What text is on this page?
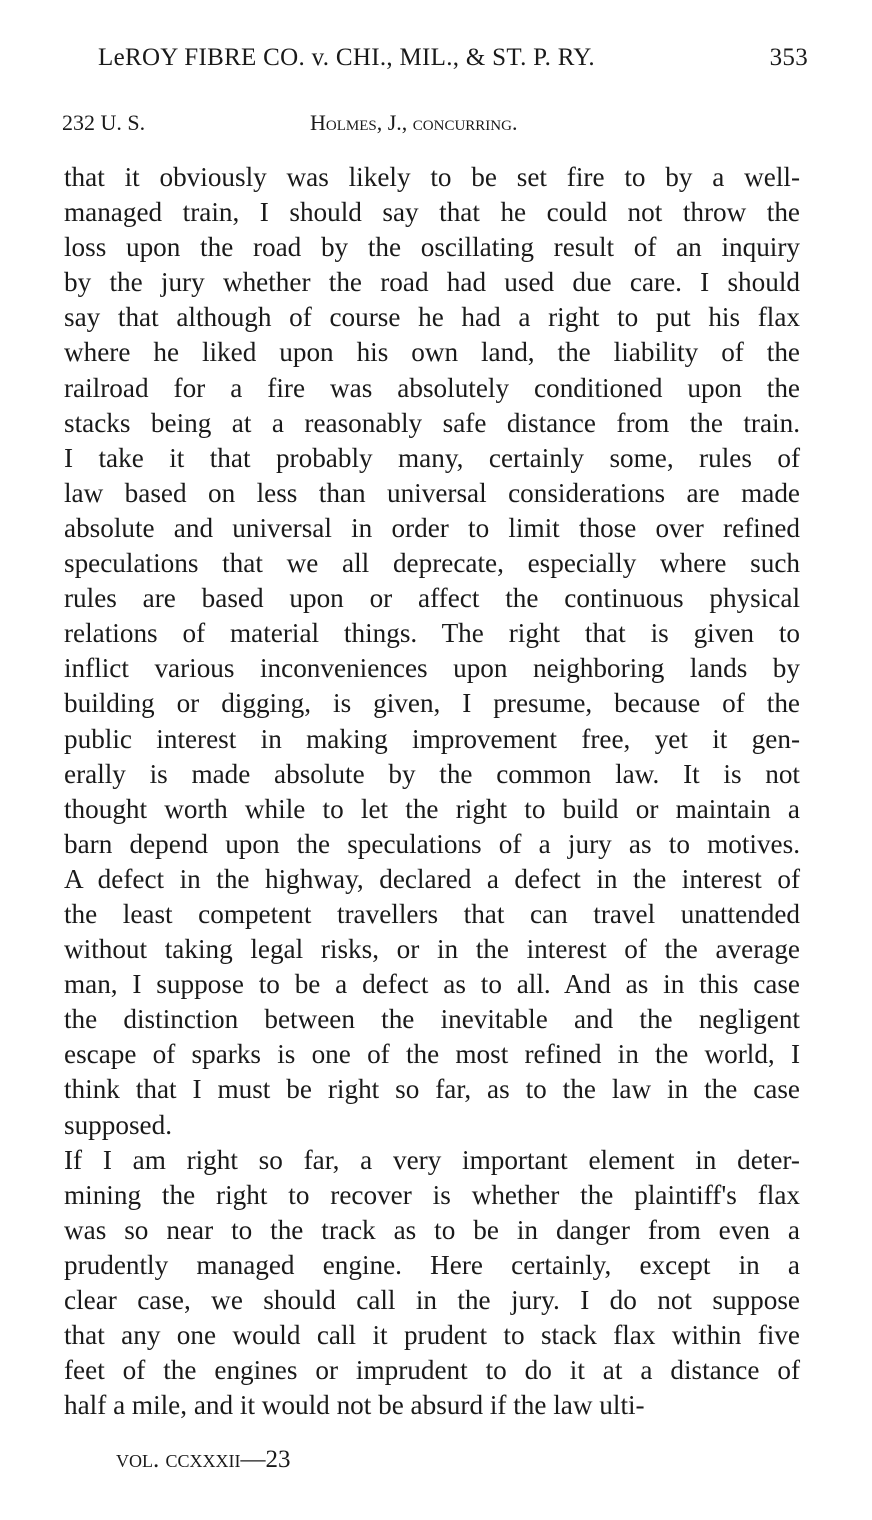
LeROY FIBRE CO. v. CHI., MIL., & ST. P. RY.	353
232 U. S.	Holmes, J., concurring.
that it obviously was likely to be set fire to by a well-
managed train, I should say that he could not throw the
loss upon the road by the oscillating result of an inquiry
by the jury whether the road had used due care. I should
say that although of course he had a right to put his flax
where he liked upon his own land, the liability of the
railroad for a fire was absolutely conditioned upon the
stacks being at a reasonably safe distance from the train.
I take it that probably many, certainly some, rules of
law based on less than universal considerations are made
absolute and universal in order to limit those over refined
speculations that we all deprecate, especially where such
rules are based upon or affect the continuous physical
relations of material things. The right that is given to
inflict various inconveniences upon neighboring lands by
building or digging, is given, I presume, because of the
public interest in making improvement free, yet it gen-
erally is made absolute by the common law. It is not
thought worth while to let the right to build or maintain a
barn depend upon the speculations of a jury as to motives.
A defect in the highway, declared a defect in the interest of
the least competent travellers that can travel unattended
without taking legal risks, or in the interest of the average
man, I suppose to be a defect as to all. And as in this case
the distinction between the inevitable and the negligent
escape of sparks is one of the most refined in the world, I
think that I must be right so far, as to the law in the case
supposed.
If I am right so far, a very important element in deter-
mining the right to recover is whether the plaintiff's flax
was so near to the track as to be in danger from even a
prudently managed engine. Here certainly, except in a
clear case, we should call in the jury. I do not suppose
that any one would call it prudent to stack flax within five
feet of the engines or imprudent to do it at a distance of
half a mile, and it would not be absurd if the law ulti-
vol. ccxxxii—23
